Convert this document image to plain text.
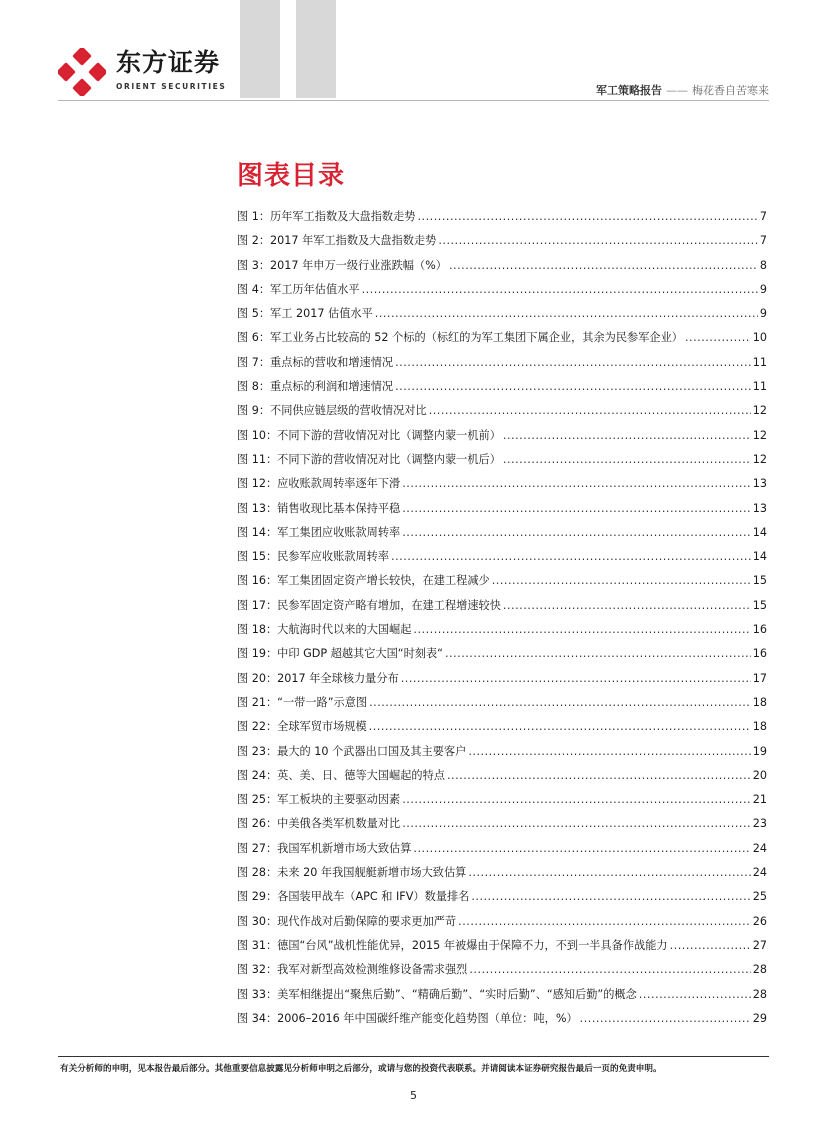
东方证券
ORIENT SECURITIES	军工策略报告 —— 梅花香自苦寒来
图表目录
图 1：历年军工指数及大盘指数走势 .....	7
图 2：2017 年军工指数及大盘指数走势 .....	7
图 3：2017 年申万一级行业涨跌幅（%） .....	8
图 4：军工历年估值水平 .....	9
图 5：军工 2017 估值水平 .....	9
图 6：军工业务占比较高的 52 个标的（标红的为军工集团下属企业，其余为民参军企业） .....	10
图 7：重点标的营收和增速情况 .....	11
图 8：重点标的利润和增速情况 .....	11
图 9：不同供应链层级的营收情况对比 .....	12
图 10：不同下游的营收情况对比（调整内蒙一机前） .....	12
图 11：不同下游的营收情况对比（调整内蒙一机后） .....	12
图 12：应收账款周转率逐年下滑 .....	13
图 13：销售收现比基本保持平稳 .....	13
图 14：军工集团应收账款周转率 .....	14
图 15：民参军应收账款周转率 .....	14
图 16：军工集团固定资产增长较快，在建工程减少 .....	15
图 17：民参军固定资产略有增加，在建工程增速较快 .....	15
图 18：大航海时代以来的大国崛起 .....	16
图 19：中印 GDP 超越其它大国“时刻表“ .....	16
图 20：2017 年全球核力量分布 .....	17
图 21：“一带一路”示意图 .....	18
图 22：全球军贸市场规模 .....	18
图 23：最大的 10 个武器出口国及其主要客户 .....	19
图 24：英、美、日、德等大国崛起的特点 .....	20
图 25：军工板块的主要驱动因素 .....	21
图 26：中美俄各类军机数量对比 .....	23
图 27：我国军机新增市场大致估算 .....	24
图 28：未来 20 年我国舰艇新增市场大致估算 .....	24
图 29：各国装甲战车（APC 和 IFV）数量排名 .....	25
图 30：现代作战对后勤保障的要求更加严苛 .....	26
图 31：德国“台风”战机性能优异，2015 年被爆由于保障不力，不到一半具备作战能力 .....	27
图 32：我军对新型高效检测维修设备需求强烈 .....	28
图 33：美军相继提出“聚焦后勤”、“精确后勤”、“实时后勤”、“感知后勤”的概念 .....	28
图 34：2006–2016 年中国碳纤维产能变化趋势图（单位：吨，%） .....	29
有关分析师的申明，见本报告最后部分。其他重要信息披露见分析师申明之后部分，或请与您的投资代表联系。并请阅读本证券研究报告最后一页的免责申明。
5
